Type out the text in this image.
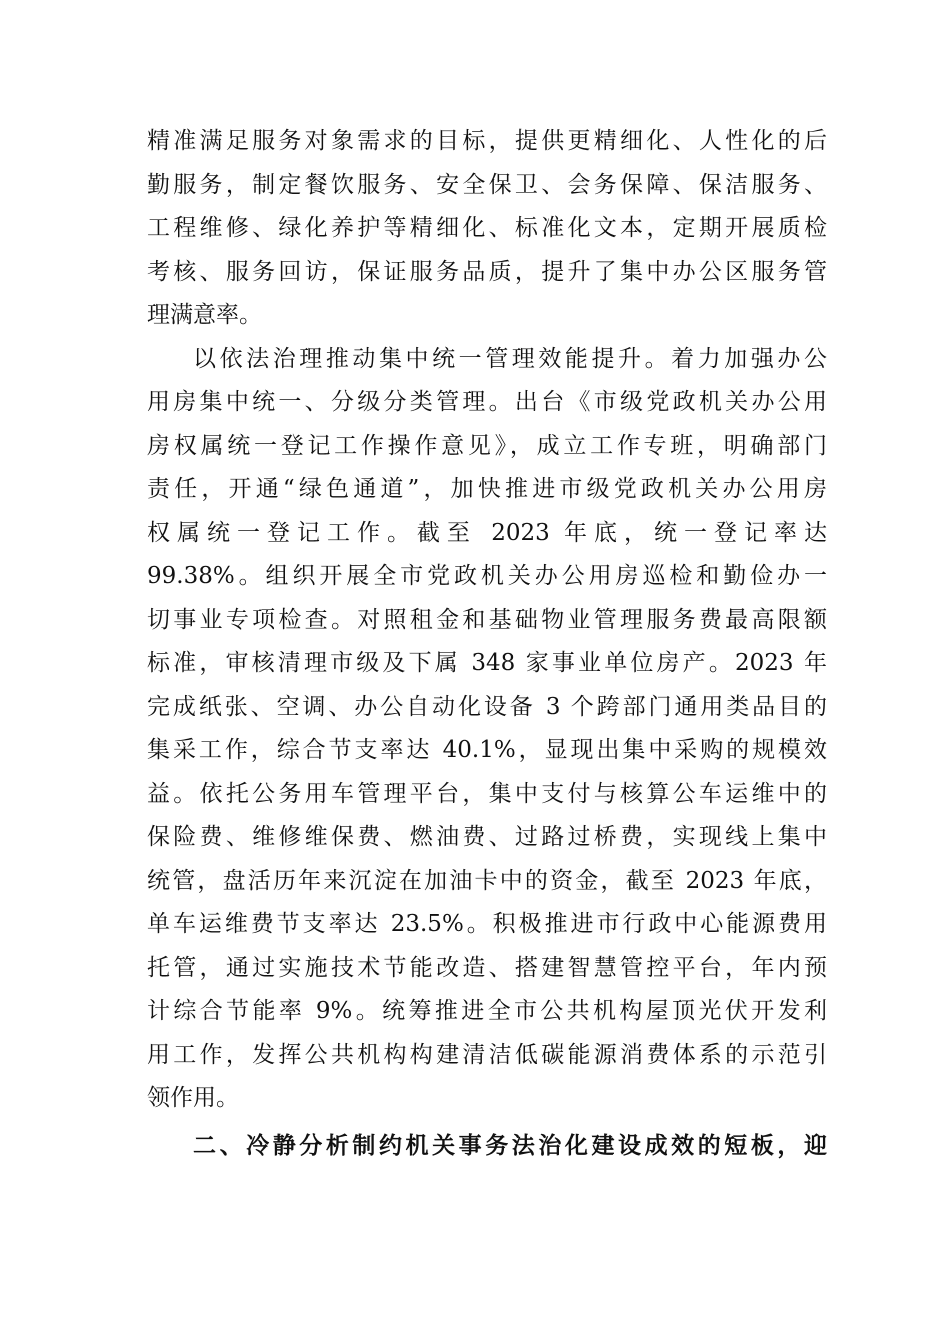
精准满足服务对象需求的目标，提供更精细化、人性化的后
勤服务，制定餐饮服务、安全保卫、会务保障、保洁服务、
工程维修、绿化养护等精细化、标准化文本，定期开展质检
考核、服务回访，保证服务品质，提升了集中办公区服务管
理满意率。
以依法治理推动集中统一管理效能提升。着力加强办公
用房集中统一、分级分类管理。出台《市级党政机关办公用
房权属统一登记工作操作意见》，成立工作专班，明确部门
责任，开通“绿色通道”，加快推进市级党政机关办公用房
权属统一登记工作。截至 2023 年底，统一登记率达
99.38%。组织开展全市党政机关办公用房巡检和勤俭办一
切事业专项检查。对照租金和基础物业管理服务费最高限额
标准，审核清理市级及下属 348 家事业单位房产。2023 年
完成纸张、空调、办公自动化设备 3 个跨部门通用类品目的
集采工作，综合节支率达 40.1%，显现出集中采购的规模效
益。依托公务用车管理平台，集中支付与核算公车运维中的
保险费、维修维保费、燃油费、过路过桥费，实现线上集中
统管，盘活历年来沉淀在加油卡中的资金，截至 2023 年底，
单车运维费节支率达 23.5%。积极推进市行政中心能源费用
托管，通过实施技术节能改造、搭建智慧管控平台，年内预
计综合节能率 9%。统筹推进全市公共机构屋顶光伏开发利
用工作，发挥公共机构构建清洁低碳能源消费体系的示范引
领作用。
二、冷静分析制约机关事务法治化建设成效的短板，迎
